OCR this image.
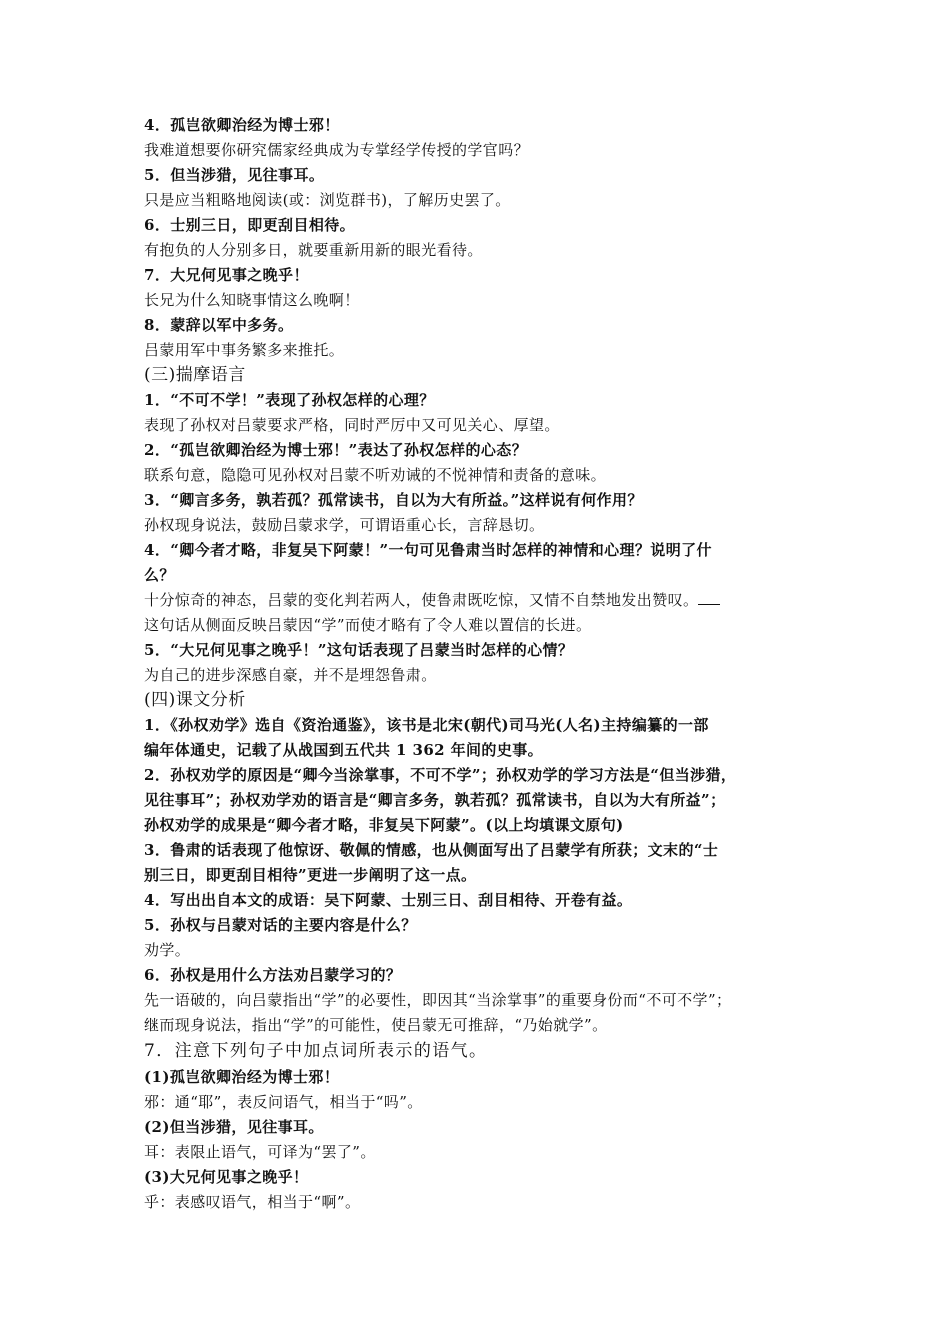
4．孤岂欲卿治经为博士邪！
我难道想要你研究儒家经典成为专掌经学传授的学官吗？
5．但当涉猎，见往事耳。
只是应当粗略地阅读(或：浏览群书)，了解历史罢了。
6．士别三日，即更刮目相待。
有抱负的人分别多日，就要重新用新的眼光看待。
7．大兄何见事之晚乎！
长兄为什么知晓事情这么晚啊！
8．蒙辞以军中多务。
吕蒙用军中事务繁多来推托。
(三)揣摩语言
1．“不可不学！”表现了孙权怎样的心理？
表现了孙权对吕蒙要求严格，同时严厉中又可见关心、厚望。
2．“孤岂欲卿治经为博士邪！”表达了孙权怎样的心态？
联系句意，隐隐可见孙权对吕蒙不听劝诫的不悦神情和责备的意味。
3．“卿言多务，孰若孤？孤常读书，自以为大有所益。”这样说有何作用？
孙权现身说法，鼓励吕蒙求学，可谓语重心长，言辞恳切。
4．“卿今者才略，非复吴下阿蒙！”一句可见鲁肃当时怎样的神情和心理？说明了什
么？
十分惊奇的神态，吕蒙的变化判若两人，使鲁肃既吃惊，又情不自禁地发出赞叹。
这句话从侧面反映吕蒙因“学”而使才略有了令人难以置信的长进。
5．“大兄何见事之晚乎！”这句话表现了吕蒙当时怎样的心情？
为自己的进步深感自豪，并不是埋怨鲁肃。
(四)课文分析
1．《孙权劝学》选自《资治通鉴》，该书是北宋(朝代)司马光(人名)主持编纂的一部
编年体通史，记载了从战国到五代共 1 362 年间的史事。
2．孙权劝学的原因是“卿今当涂掌事，不可不学”；孙权劝学的学习方法是“但当涉猎，
见往事耳”；孙权劝学劝的语言是“卿言多务，孰若孤？孤常读书，自以为大有所益”；
孙权劝学的成果是“卿今者才略，非复吴下阿蒙”。(以上均填课文原句)
3．鲁肃的话表现了他惊讶、敬佩的情感，也从侧面写出了吕蒙学有所获；文末的“士
别三日，即更刮目相待”更进一步阐明了这一点。
4．写出出自本文的成语：吴下阿蒙、士别三日、刮目相待、开卷有益。
5．孙权与吕蒙对话的主要内容是什么？
劝学。
6．孙权是用什么方法劝吕蒙学习的？
先一语破的，向吕蒙指出“学”的必要性，即因其“当涂掌事”的重要身份而“不可不学”；
继而现身说法，指出“学”的可能性，使吕蒙无可推辞，“乃始就学”。
7．注意下列句子中加点词所表示的语气。
(1)孤岂欲卿治经为博士邪！
邪：通“耶”，表反问语气，相当于“吗”。
(2)但当涉猎，见往事耳。
耳：表限止语气，可译为“罢了”。
(3)大兄何见事之晚乎！
乎：表感叹语气，相当于“啊”。
